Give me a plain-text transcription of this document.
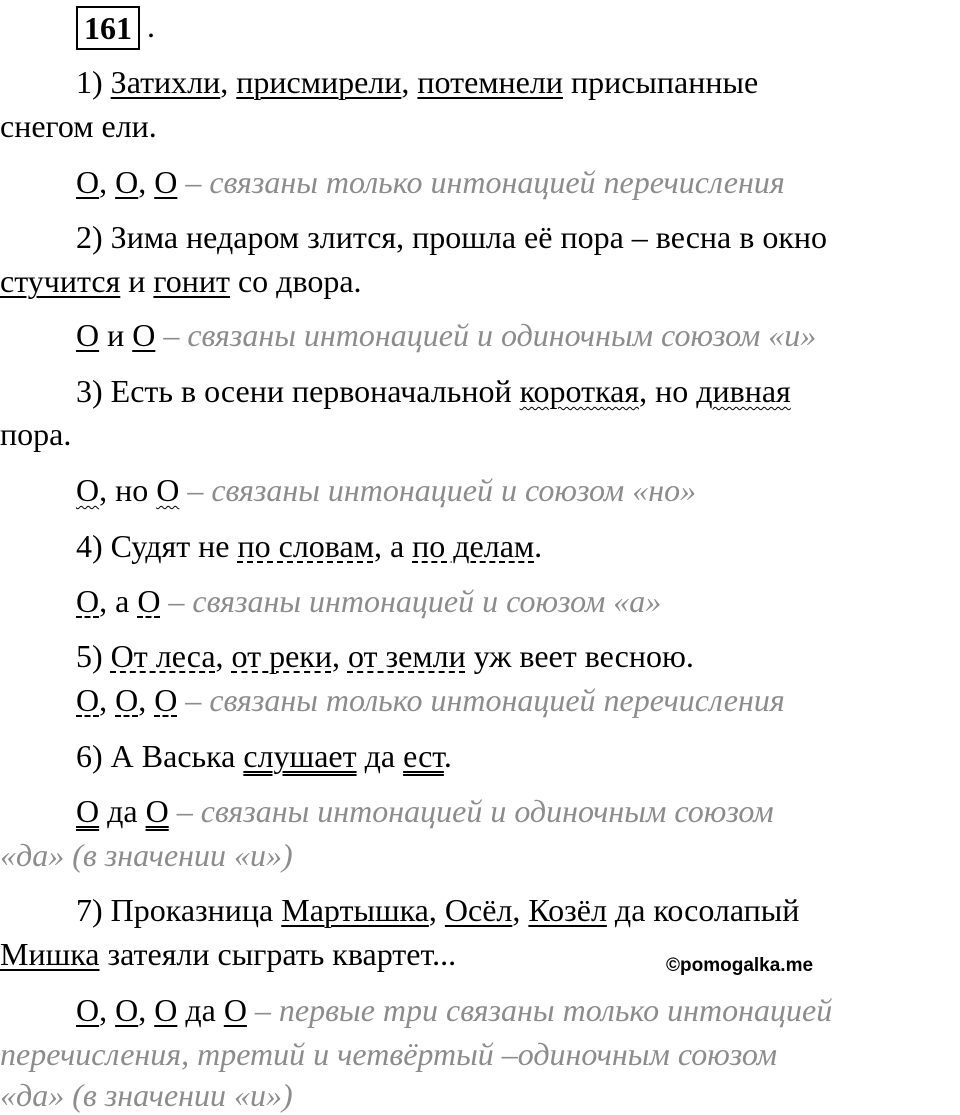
161 .
1) Затихли, присмирели, потемнели присыпанные
снегом ели.
О, О, О – связаны только интонацией перечисления
2) Зима недаром злится, прошла её пора – весна в окно
стучится и гонит со двора.
О и О – связаны интонацией и одиночным союзом «и»
3) Есть в осени первоначальной короткая, но дивная
пора.
О, но О – связаны интонацией и союзом «но»
4) Судят не по словам, а по делам.
О, а О – связаны интонацией и союзом «а»
5) От леса, от реки, от земли уж веет весною.
О, О, О – связаны только интонацией перечисления
6) А Васька слушает да ест.
О да О – связаны интонацией и одиночным союзом
«да» (в значении «и»)
7) Проказница Мартышка, Осёл, Козёл да косолапый
Мишка затеяли сыграть квартет...	©pomogalka.me
О, О, О да О – первые три связаны только интонацией
перечисления, третий и четвёртый –одиночным союзом
«да» (в значении «и»)
